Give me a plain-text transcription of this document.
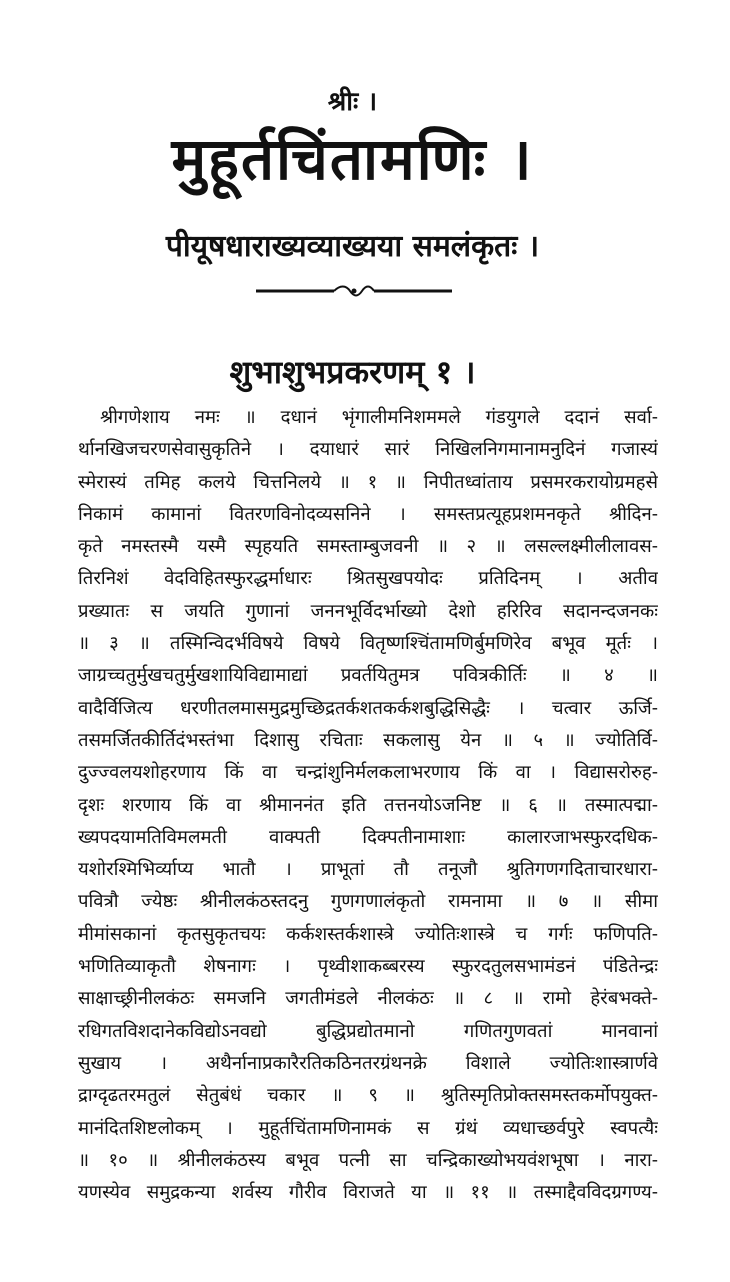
श्रीः ।
मुहूर्तचिंतामणिः ।
पीयूषधाराख्यव्याख्यया समलंकृतः ।
शुभाशुभप्रकरणम् १ ।
श्रीगणेशाय नमः ॥ दधानं भृंगालीमनिशममले गंडयुगले ददानं सर्वा-
र्थानखिजचरणसेवासुकृतिने । दयाधारं सारं निखिलनिगमानामनुदिनं गजास्यं
स्मेरास्यं तमिह कलये चित्तनिलये ॥ १ ॥ निपीतध्वांताय प्रसमरकरायोग्रमहसे
निकामं कामानां वितरणविनोदव्यसनिने । समस्तप्रत्यूहप्रशमनकृते श्रीदिन-
कृते नमस्तस्मै यस्मै स्पृहयति समस्ताम्बुजवनी ॥ २ ॥ लसल्लक्ष्मीलीलावस-
तिरनिशं वेदविहितस्फुरद्धर्माधारः श्रितसुखपयोदः प्रतिदिनम् । अतीव
प्रख्यातः स जयति गुणानां जननभूर्विदर्भाख्यो देशो हरिरिव सदानन्दजनकः
॥ ३ ॥ तस्मिन्विदर्भविषये विषये वितृष्णश्चिंतामणिर्बुमणिरेव बभूव मूर्तः ।
जाग्रच्चतुर्मुखचतुर्मुखशायिविद्यामाद्यां प्रवर्तयितुमत्र पवित्रकीर्तिः ॥ ४ ॥
वादैर्विजित्य धरणीतलमासमुद्रमुच्छिद्रतर्कशतकर्कशबुद्धिसिद्धैः । चत्वार ऊर्जि-
तसमर्जितकीर्तिदंभस्तंभा दिशासु रचिताः सकलासु येन ॥ ५ ॥ ज्योतिर्वि-
दुज्ज्वलयशोहरणाय किं वा चन्द्रांशुनिर्मलकलाभरणाय किं वा । विद्यासरोरुह-
दृशः शरणाय किं वा श्रीमाननंत इति तत्तनयोऽजनिष्ट ॥ ६ ॥ तस्मात्पद्मा-
ख्यपदयामतिविमलमती वाक्पती दिक्पतीनामाशाः कालारजाभस्फुरदधिक-
यशोरश्मिभिर्व्याप्य भातौ । प्राभूतां तौ तनूजौ श्रुतिगणगदिताचारधारा-
पवित्रौ ज्येष्ठः श्रीनीलकंठस्तदनु गुणगणालंकृतो रामनामा ॥ ७ ॥ सीमा
मीमांसकानां कृतसुकृतचयः कर्कशस्तर्कशास्त्रे ज्योतिःशास्त्रे च गर्गः फणिपति-
भणितिव्याकृतौ शेषनागः । पृथ्वीशाकब्बरस्य स्फुरदतुलसभामंडनं पंडितेन्द्रः
साक्षाच्छ्रीनीलकंठः समजनि जगतीमंडले नीलकंठः ॥ ८ ॥ रामो हेरंबभक्ते-
रधिगतविशदानेकविद्योऽनवद्यो बुद्धिप्रद्योतमानो गणितगुणवतां मानवानां
सुखाय । अथैर्नानाप्रकारैरतिकठिनतरग्रंथनक्रे विशाले ज्योतिःशास्त्रार्णवे
द्राग्दृढतरमतुलं सेतुबंधं चकार ॥ ९ ॥ श्रुतिस्मृतिप्रोक्तसमस्तकर्मोपयुक्त-
मानंदितशिष्टलोकम् । मुहूर्तचिंतामणिनामकं स ग्रंथं व्यधाच्छर्वपुरे स्वपत्यैः
॥ १० ॥ श्रीनीलकंठस्य बभूव पत्नी सा चन्द्रिकाख्योभयवंशभूषा । नारा-
यणस्येव समुद्रकन्या शर्वस्य गौरीव विराजते या ॥ ११ ॥ तस्माद्दैवविदग्रगण्य-
